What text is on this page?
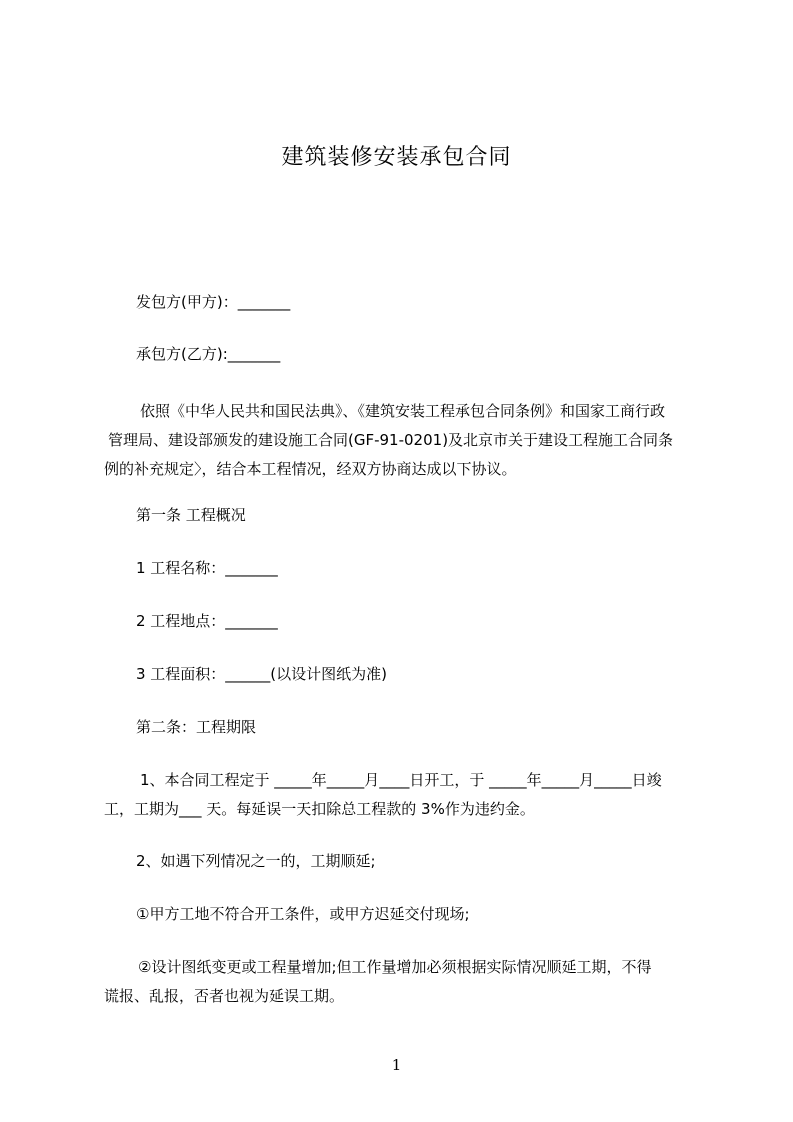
建筑装修安装承包合同
发包方(甲方)：_______
承包方(乙方):_______
依照《中华人民共和国民法典》、《建筑安装工程承包合同条例》和国家工商行政
管理局、建设部颁发的建设施工合同(GF-91-0201)及北京市关于建设工程施工合同条
例的补充规定〉，结合本工程情况，经双方协商达成以下协议。
第一条 工程概况
1 工程名称：_______
2 工程地点：_______
3 工程面积：______(以设计图纸为准)
第二条：工程期限
1、本合同工程定于 _____年_____月____日开工，于 _____年_____月_____日竣
工，工期为___ 天。每延误一天扣除总工程款的 3%作为违约金。
2、如遇下列情况之一的，工期顺延;
①甲方工地不符合开工条件，或甲方迟延交付现场;
②设计图纸变更或工程量增加;但工作量增加必须根据实际情况顺延工期，不得
谎报、乱报，否者也视为延误工期。
1
